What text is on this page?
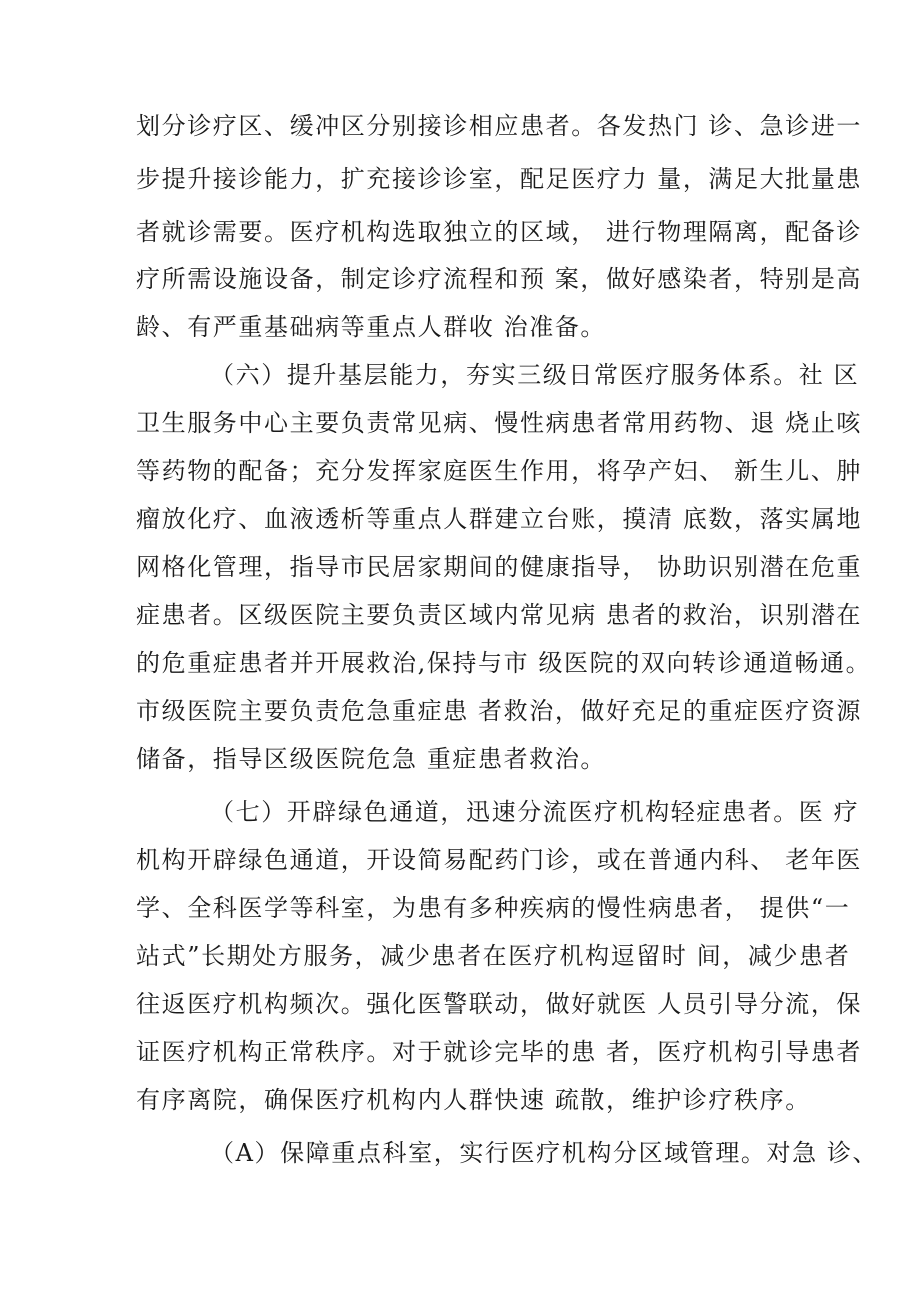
划分诊疗区、缓冲区分别接诊相应患者。各发热门 诊、急诊进一
步提升接诊能力，扩充接诊诊室，配足医疗力 量，满足大批量患
者就诊需要。医疗机构选取独立的区域， 进行物理隔离，配备诊
疗所需设施设备，制定诊疗流程和预 案，做好感染者，特别是高
龄、有严重基础病等重点人群收 治准备。
（六）提升基层能力，夯实三级日常医疗服务体系。社 区
卫生服务中心主要负责常见病、慢性病患者常用药物、退 烧止咳
等药物的配备；充分发挥家庭医生作用，将孕产妇、 新生儿、肿
瘤放化疗、血液透析等重点人群建立台账，摸清 底数，落实属地
网格化管理，指导市民居家期间的健康指导， 协助识别潜在危重
症患者。区级医院主要负责区域内常见病 患者的救治，识别潜在
的危重症患者并开展救治,保持与市 级医院的双向转诊通道畅通。
市级医院主要负责危急重症患 者救治，做好充足的重症医疗资源
储备，指导区级医院危急 重症患者救治。
（七）开辟绿色通道，迅速分流医疗机构轻症患者。医 疗
机构开辟绿色通道，开设简易配药门诊，或在普通内科、 老年医
学、全科医学等科室，为患有多种疾病的慢性病患者， 提供“一
站式”长期处方服务，减少患者在医疗机构逗留时 间，减少患者
往返医疗机构频次。强化医警联动，做好就医 人员引导分流，保
证医疗机构正常秩序。对于就诊完毕的患 者，医疗机构引导患者
有序离院，确保医疗机构内人群快速 疏散，维护诊疗秩序。
（A）保障重点科室，实行医疗机构分区域管理。对急 诊、
